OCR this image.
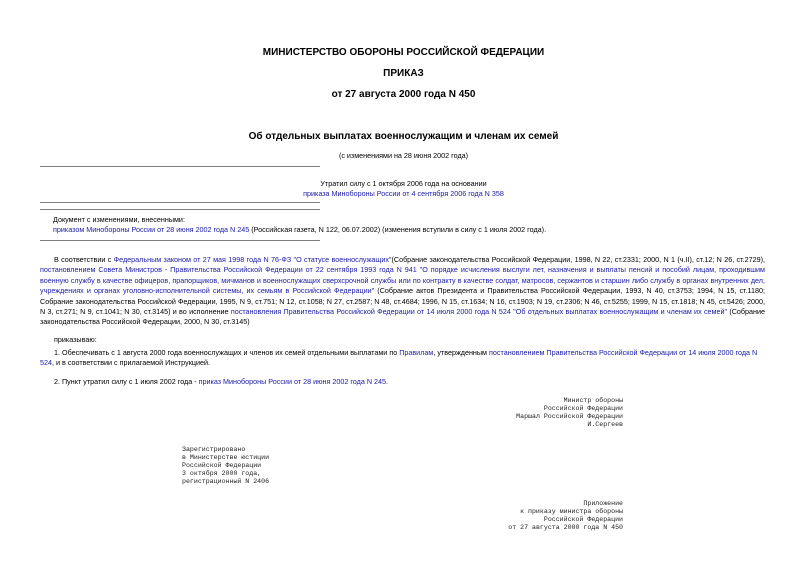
МИНИСТЕРСТВО ОБОРОНЫ РОССИЙСКОЙ ФЕДЕРАЦИИ
ПРИКАЗ
от 27 августа 2000 года N 450
Об отдельных выплатах военнослужащим и членам их семей
(с изменениями на 28 июня 2002 года)
Утратил силу с 1 октября 2006 года на основании
приказа Минобороны России от 4 сентября 2006 года N 358
Документ с изменениями, внесенными:
приказом Минобороны России от 28 июня 2002 года N 245 (Российская газета, N 122, 06.07.2002) (изменения вступили в силу с 1 июля 2002 года).

В соответствии с Федеральным законом от 27 мая 1998 года N 76-ФЗ "О статусе военнослужащих"(Собрание законодательства Российской Федерации, 1998, N 22, ст.2331; 2000, N 1 (ч.II), ст.12; N 26, ст.2729), постановлением Совета Министров - Правительства Российской Федерации от 22 сентября 1993 года N 941 "О порядке исчисления выслуги лет, назначения и выплаты пенсий и пособий лицам, проходившим военную службу в качестве офицеров, прапорщиков, мичманов и военнослужащих сверхсрочной службы или по контракту в качестве солдат, матросов, сержантов и старшин либо службу в органах внутренних дел, учреждениях и органах уголовно-исполнительной системы, их семьям в Российской Федерации" (Собрание актов Президента и Правительства Российской Федерации, 1993, N 40, ст.3753; 1994, N 15, ст.1180; Собрание законодательства Российской Федерации, 1995, N 9, ст.751; N 12, ст.1058; N 27, ст.2587; N 48, ст.4684; 1996, N 15, ст.1634; N 16, ст.1903; N 19, ст.2306; N 46, ст.5255; 1999, N 15, ст.1818; N 45, ст.5426; 2000, N 3, ст.271; N 9, ст.1041; N 30, ст.3145) и во исполнение постановления Правительства Российской Федерации от 14 июля 2000 года N 524 "Об отдельных выплатах военнослужащим и членам их семей" (Собрание законодательства Российской Федерации, 2000, N 30, ст.3145)

приказываю:

1. Обеспечивать с 1 августа 2000 года военнослужащих и членов их семей отдельными выплатами по Правилам, утвержденным постановлением Правительства Российской Федерации от 14 июля 2000 года N 524, и в соответствии с прилагаемой Инструкцией.

2. Пункт утратил силу с 1 июля 2002 года - приказ Минобороны России от 28 июня 2002 года N 245.

Министр обороны
Российской Федерации
Маршал Российской Федерации
И.Сергеев
Зарегистрировано
в Министерстве юстиции
Российской Федерации
3 октября 2000 года,
регистрационный N 2406
Приложение
к приказу министра обороны
Российской Федерации
от 27 августа 2000 года N 450
